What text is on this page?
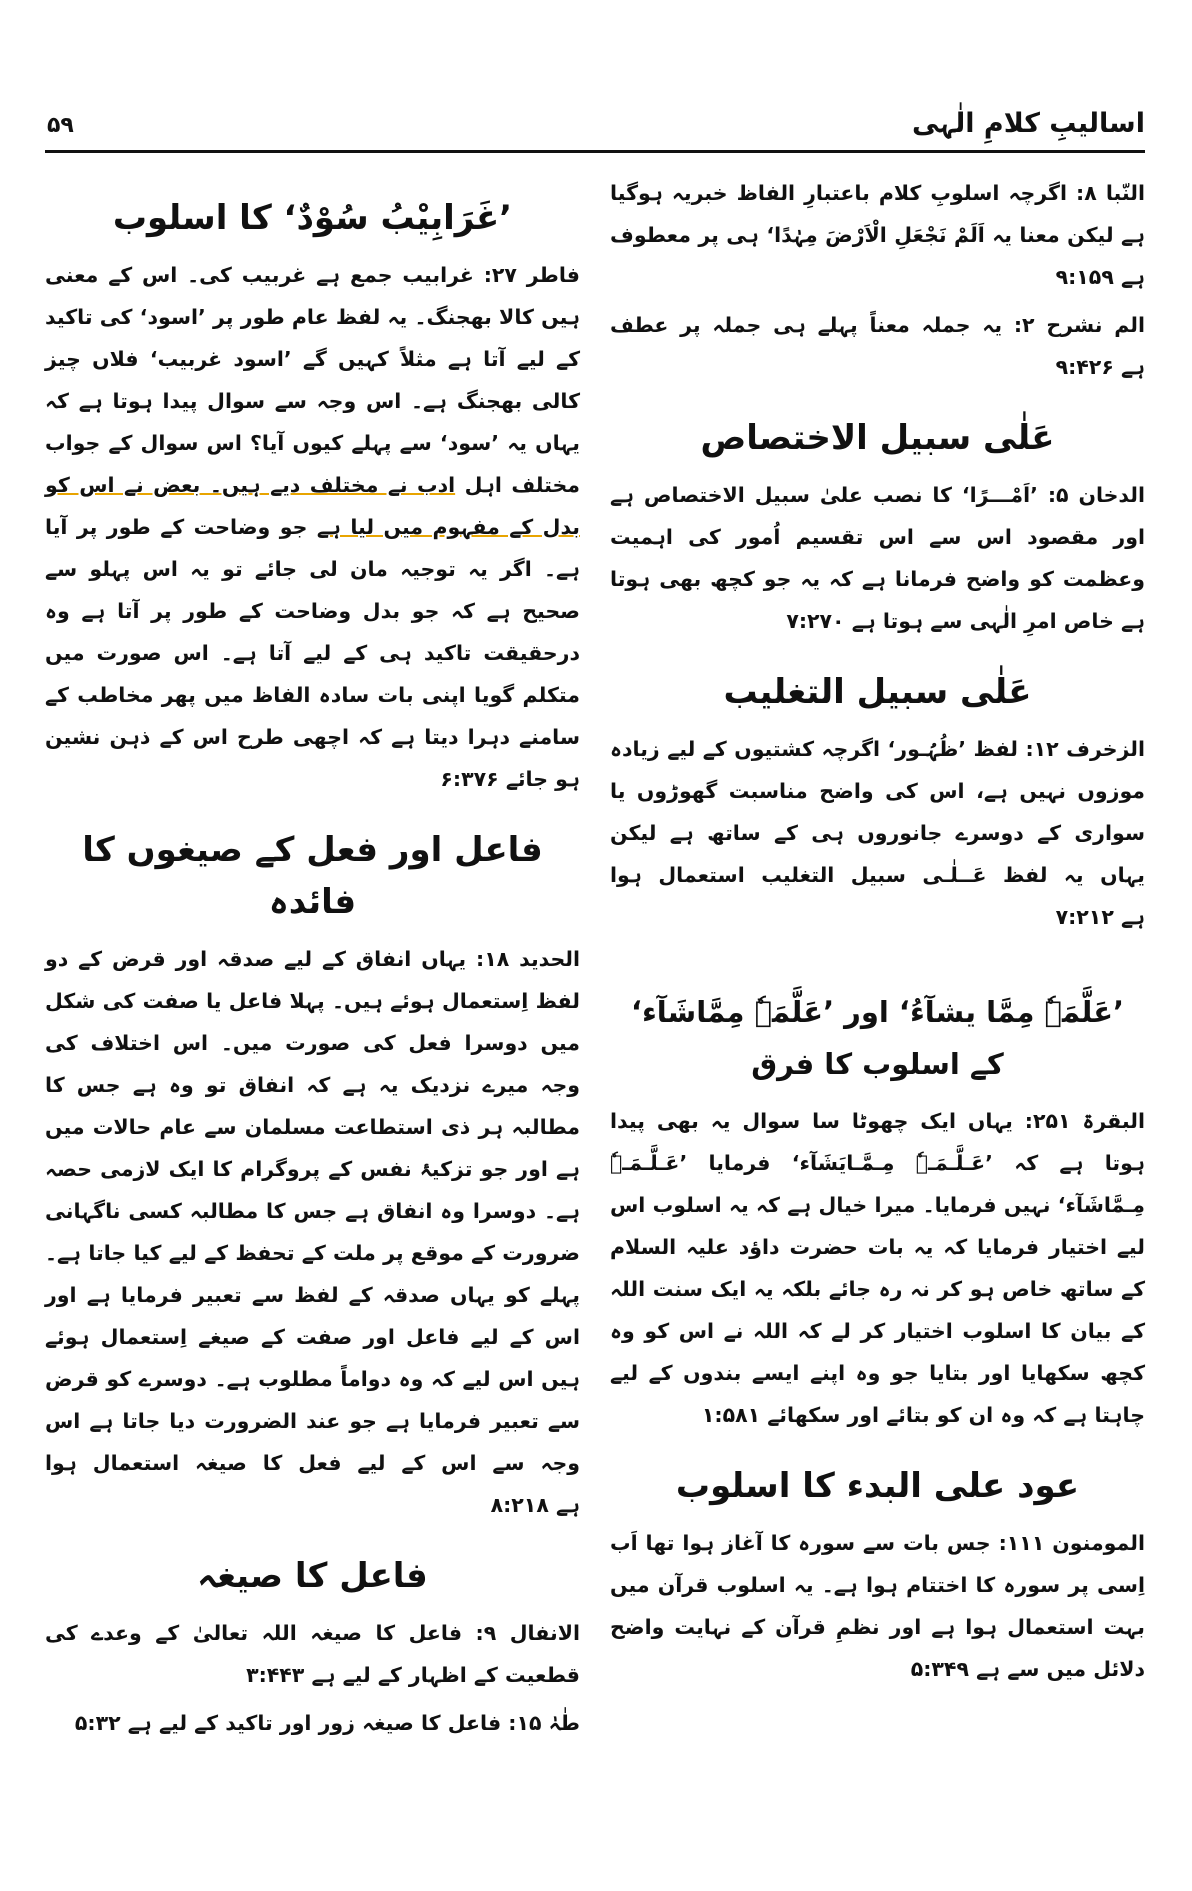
اسالیبِ کلامِ الٰہی
۵۹

النّبا ۸: اگرچہ اسلوبِ کلام باعتبارِ الفاظ خبریہ ہوگیا ہے لیکن معنا یہ اَلَمْ نَجْعَلِ الْاَرْضَ مِہٰدًا‘ ہی پر معطوف ہے ۹:۱۵۹

الم نشرح ۲: یہ جملہ معناً پہلے ہی جملہ پر عطف ہے ۹:۴۲۶

عَلٰی سبیل الاختصاص

الدخان ۵: ’اَمْـــرًا‘ کا نصب علیٰ سبیل الاختصاص ہے اور مقصود اس سے اس تقسیم اُمور کی اہمیت وعظمت کو واضح فرمانا ہے کہ یہ جو کچھ بھی ہوتا ہے خاص امرِ الٰہی سے ہوتا ہے ۷:۲۷۰

عَلٰی سبیل التغلیب

الزخرف ۱۲: لفظ ’ظُہُـور‘ اگرچہ کشتیوں کے لیے زیادہ موزوں نہیں ہے، اس کی واضح مناسبت گھوڑوں یا سواری کے دوسرے جانوروں ہی کے ساتھ ہے لیکن یہاں یہ لفظ عَــلٰـی سبیل التغلیب استعمال ہوا ہے ۷:۲۱۲

’عَلَّمَہٗ مِمَّا یشآءُ‘ اور ’عَلَّمَہٗ مِمَّاشَآء‘ کے اسلوب کا فرق

البقرۃ ۲۵۱: یہاں ایک چھوٹا سا سوال یہ بھی پیدا ہوتا ہے کہ ’عَـلَّـمَـہٗ مِـمَّـایَشَآء‘ فرمایا ’عَـلَّـمَـہٗ مِـمَّاشَآء‘ نہیں فرمایا۔ میرا خیال ہے کہ یہ اسلوب اس لیے اختیار فرمایا کہ یہ بات حضرت داؤد علیہ السلام کے ساتھ خاص ہو کر نہ رہ جائے بلکہ یہ ایک سنت اللہ کے بیان کا اسلوب اختیار کر لے کہ اللہ نے اس کو وہ کچھ سکھایا اور بتایا جو وہ اپنے ایسے بندوں کے لیے چاہتا ہے کہ وہ ان کو بتائے اور سکھائے ۱:۵۸۱

عود علی البدء کا اسلوب

المومنون ۱۱۱: جس بات سے سورہ کا آغاز ہوا تھا اَب اِسی پر سورہ کا اختتام ہوا ہے۔ یہ اسلوب قرآن میں بہت استعمال ہوا ہے اور نظمِ قرآن کے نہایت واضح دلائل میں سے ہے ۵:۳۴۹

’غَرَابِیْبُ سُوْدٌ‘ کا اسلوب

فاطر ۲۷: غرابیب جمع ہے غربیب کی۔ اس کے معنی ہیں کالا بھجنگ۔ یہ لفظ عام طور پر ’اسود‘ کی تاکید کے لیے آتا ہے مثلاً کہیں گے ’اسود غربیب‘ فلاں چیز کالی بھجنگ ہے۔ اس وجہ سے سوال پیدا ہوتا ہے کہ یہاں یہ ’سود‘ سے پہلے کیوں آیا؟ اس سوال کے جواب مختلف اہل ادب نے مختلف دیے ہیں۔ بعض نے اس کو بدل کے مفہوم میں لیا ہے جو وضاحت کے طور پر آیا ہے۔ اگر یہ توجیہ مان لی جائے تو یہ اس پہلو سے صحیح ہے کہ جو بدل وضاحت کے طور پر آتا ہے وہ درحقیقت تاکید ہی کے لیے آتا ہے۔ اس صورت میں متکلم گویا اپنی بات سادہ الفاظ میں پھر مخاطب کے سامنے دہرا دیتا ہے کہ اچھی طرح اس کے ذہن نشین ہو جائے ۶:۳۷۶

فاعل اور فعل کے صیغوں کا فائدہ

الحدید ۱۸: یہاں انفاق کے لیے صدقہ اور قرض کے دو لفظ اِستعمال ہوئے ہیں۔ پہلا فاعل یا صفت کی شکل میں دوسرا فعل کی صورت میں۔ اس اختلاف کی وجہ میرے نزدیک یہ ہے کہ انفاق تو وہ ہے جس کا مطالبہ ہر ذی استطاعت مسلمان سے عام حالات میں ہے اور جو تزکیۂ نفس کے پروگرام کا ایک لازمی حصہ ہے۔ دوسرا وہ انفاق ہے جس کا مطالبہ کسی ناگہانی ضرورت کے موقع پر ملت کے تحفظ کے لیے کیا جاتا ہے۔ پہلے کو یہاں صدقہ کے لفظ سے تعبیر فرمایا ہے اور اس کے لیے فاعل اور صفت کے صیغے اِستعمال ہوئے ہیں اس لیے کہ وہ دواماً مطلوب ہے۔ دوسرے کو قرض سے تعبیر فرمایا ہے جو عند الضرورت دیا جاتا ہے اس وجہ سے اس کے لیے فعل کا صیغہ استعمال ہوا ہے ۸:۲۱۸

فاعل کا صیغہ

الانفال ۹: فاعل کا صیغہ اللہ تعالیٰ کے وعدے کی قطعیت کے اظہار کے لیے ہے ۳:۴۴۳

طٰہٰ ۱۵: فاعل کا صیغہ زور اور تاکید کے لیے ہے ۵:۳۲
